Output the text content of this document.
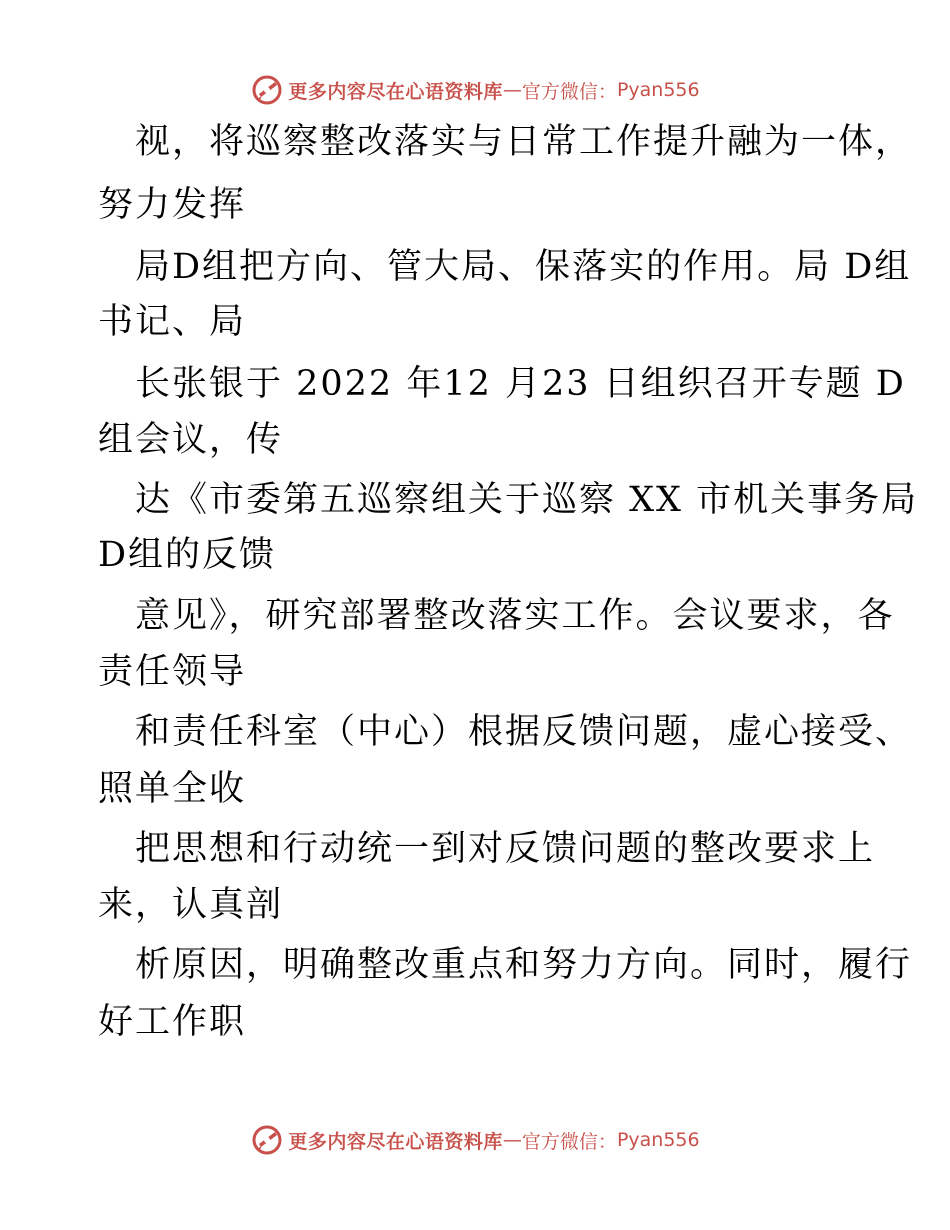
更多内容尽在心语资料库 — 官方微信： Pyan556
视，将巡察整改落实与日常工作提升融为一体，
努力发挥
局D组把方向、管大局、保落实的作用。局 D组
书记、局
长张银于 2022 年12 月23 日组织召开专题 D
组会议，传
达《市委第五巡察组关于巡察 XX 市机关事务局
D组的反馈
意见》，研究部署整改落实工作。会议要求，各
责任领导
和责任科室（中心）根据反馈问题，虚心接受、
照单全收
把思想和行动统一到对反馈问题的整改要求上
来，认真剖
析原因，明确整改重点和努力方向。同时，履行
好工作职
更多内容尽在心语资料库 — 官方微信： Pyan556
